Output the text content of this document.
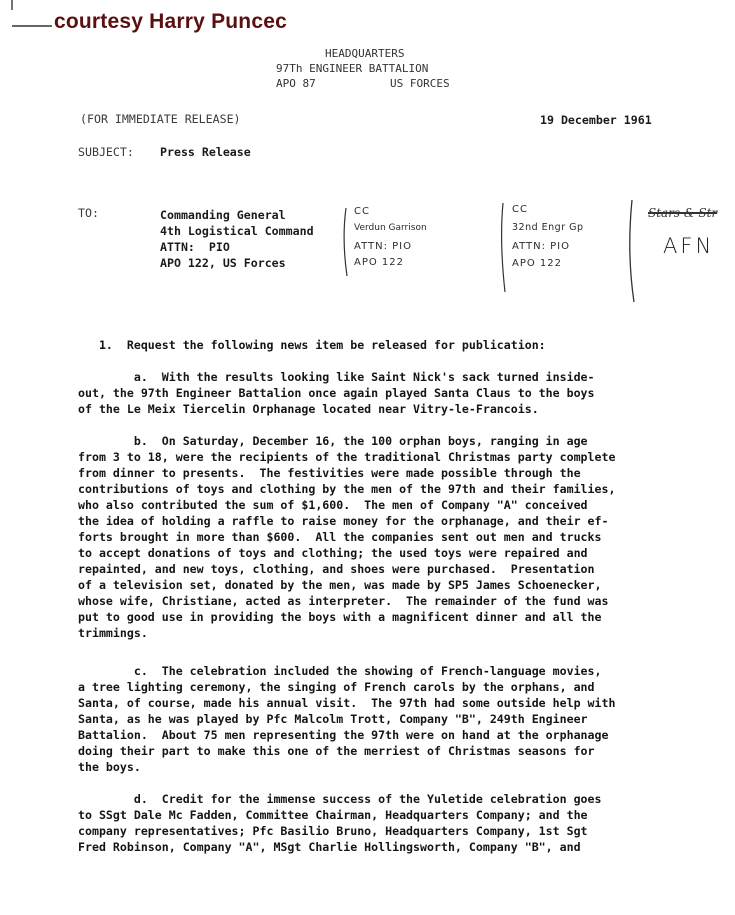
courtesy Harry Puncec
HEADQUARTERS
97Th ENGINEER BATTALION
APO 87	US FORCES
(FOR IMMEDIATE RELEASE)	19 December 1961
SUBJECT: Press Release
TO:	Commanding General
4th Logistical Command
ATTN:  PIO
APO 122, US Forces
CC
Verdun Garrison
ATTN: PIO
APO 122
CC
32nd Engr Gp
ATTN: PIO
APO 122
Stars & Str
AFN
1.  Request the following news item be released for publication:
a.  With the results looking like Saint Nick's sack turned inside-
out, the 97th Engineer Battalion once again played Santa Claus to the boys
of the Le Meix Tiercelin Orphanage located near Vitry-le-Francois.
b.  On Saturday, December 16, the 100 orphan boys, ranging in age
from 3 to 18, were the recipients of the traditional Christmas party complete
from dinner to presents.  The festivities were made possible through the
contributions of toys and clothing by the men of the 97th and their families,
who also contributed the sum of $1,600.  The men of Company "A" conceived
the idea of holding a raffle to raise money for the orphanage, and their ef-
forts brought in more than $600.  All the companies sent out men and trucks
to accept donations of toys and clothing; the used toys were repaired and
repainted, and new toys, clothing, and shoes were purchased.  Presentation
of a television set, donated by the men, was made by SP5 James Schoenecker,
whose wife, Christiane, acted as interpreter.  The remainder of the fund was
put to good use in providing the boys with a magnificent dinner and all the
trimmings.
c.  The celebration included the showing of French-language movies,
a tree lighting ceremony, the singing of French carols by the orphans, and
Santa, of course, made his annual visit.  The 97th had some outside help with
Santa, as he was played by Pfc Malcolm Trott, Company "B", 249th Engineer
Battalion.  About 75 men representing the 97th were on hand at the orphanage
doing their part to make this one of the merriest of Christmas seasons for
the boys.
d.  Credit for the immense success of the Yuletide celebration goes
to SSgt Dale Mc Fadden, Committee Chairman, Headquarters Company; and the
company representatives; Pfc Basilio Bruno, Headquarters Company, 1st Sgt
Fred Robinson, Company "A", MSgt Charlie Hollingsworth, Company "B", and
